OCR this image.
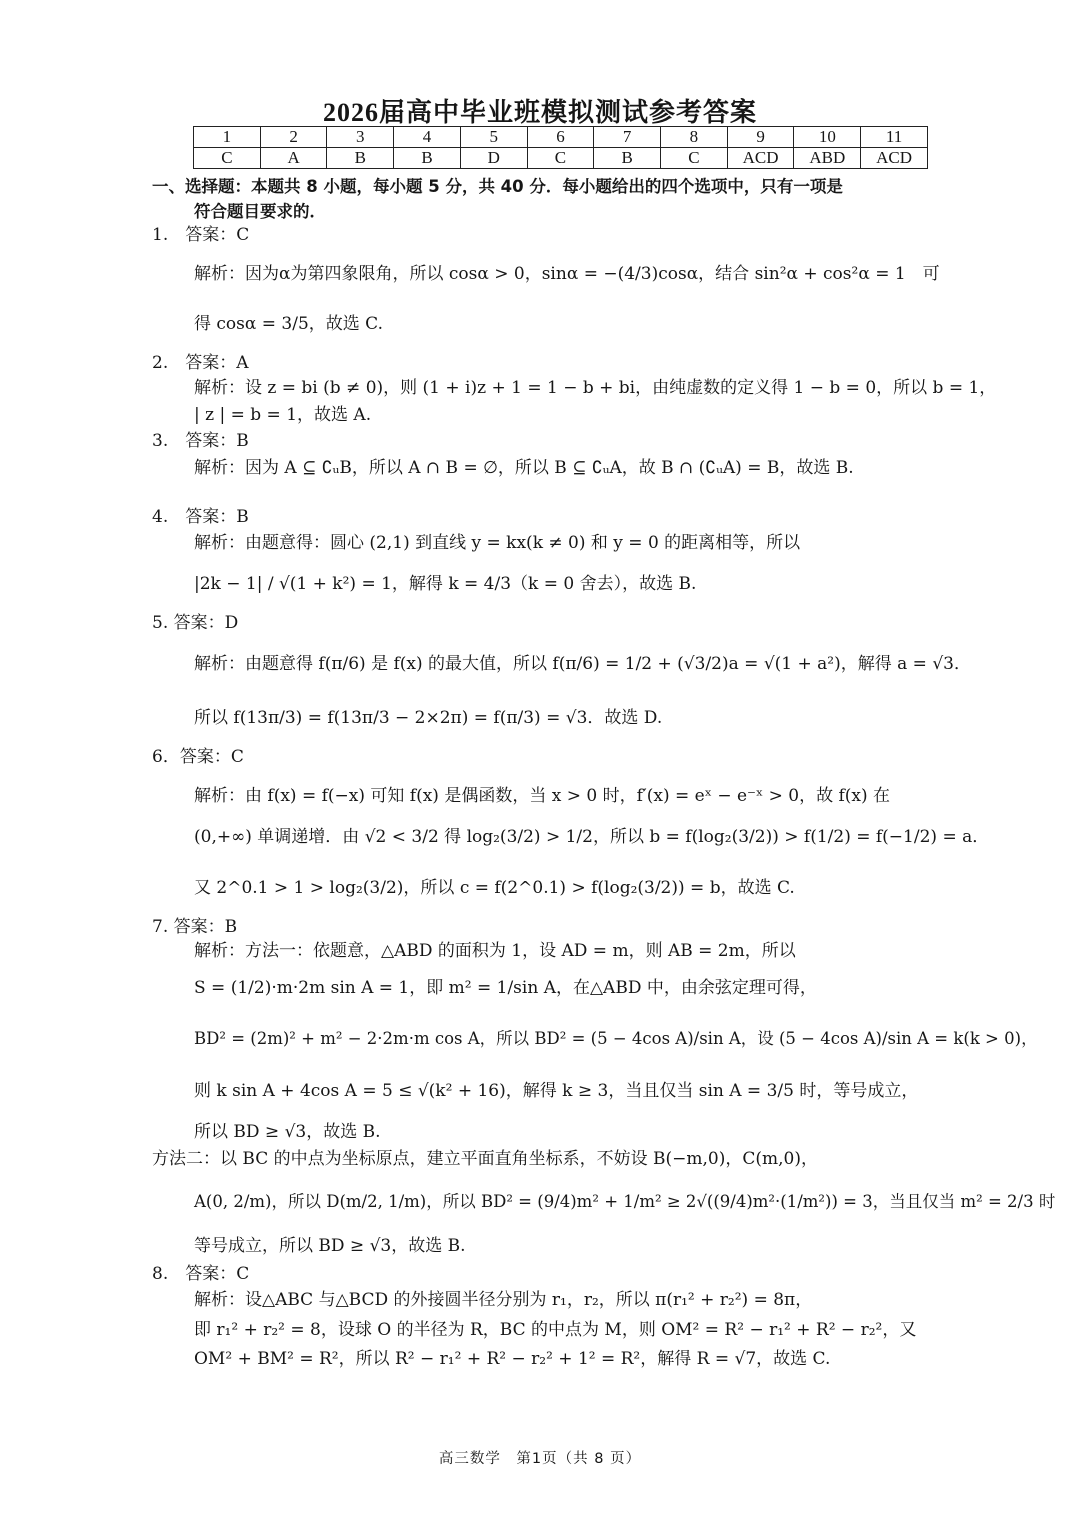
2026届高中毕业班模拟测试参考答案
1	2	3	4	5	6	7	8	9	10	11
C	A	B	B	D	C	B	C	ACD	ABD	ACD
一、选择题：本题共 8 小题，每小题 5 分，共 40 分．每小题给出的四个选项中，只有一项是
符合题目要求的．
1.　答案：C
解析：因为α为第四象限角，所以 cosα > 0，sinα = −(4/3)cosα，结合 sin²α + cos²α = 1　可
得 cosα = 3/5，故选 C.
2.　答案：A
解析：设 z = bi (b ≠ 0)，则 (1 + i)z + 1 = 1 − b + bi，由纯虚数的定义得 1 − b = 0，所以 b = 1，
| z | = b = 1，故选 A.
3.　答案：B
解析：因为 A ⊆ ∁ᵤB，所以 A ∩ B = ∅，所以 B ⊆ ∁ᵤA，故 B ∩ (∁ᵤA) = B，故选 B.
4.　答案：B
解析：由题意得：圆心 (2,1) 到直线 y = kx(k ≠ 0) 和 y = 0 的距离相等，所以
|2k − 1| / √(1 + k²) = 1，解得 k = 4/3（k = 0 舍去），故选 B.
5. 答案：D
解析：由题意得 f(π/6) 是 f(x) 的最大值，所以 f(π/6) = 1/2 + (√3/2)a = √(1 + a²)，解得 a = √3．
所以 f(13π/3) = f(13π/3 − 2×2π) = f(π/3) = √3．故选 D.
6．答案：C
解析：由 f(x) = f(−x) 可知 f(x) 是偶函数，当 x > 0 时，f′(x) = eˣ − e⁻ˣ > 0，故 f(x) 在
(0,+∞) 单调递增．由 √2 < 3/2 得 log₂(3/2) > 1/2，所以 b = f(log₂(3/2)) > f(1/2) = f(−1/2) = a．
又 2^0.1 > 1 > log₂(3/2)，所以 c = f(2^0.1) > f(log₂(3/2)) = b，故选 C.
7. 答案：B
解析：方法一：依题意，△ABD 的面积为 1，设 AD = m，则 AB = 2m，所以
S = (1/2)·m·2m sin A = 1，即 m² = 1/sin A，在△ABD 中，由余弦定理可得，
BD² = (2m)² + m² − 2·2m·m cos A，所以 BD² = (5 − 4cos A)/sin A，设 (5 − 4cos A)/sin A = k(k > 0)，
则 k sin A + 4cos A = 5 ≤ √(k² + 16)，解得 k ≥ 3，当且仅当 sin A = 3/5 时，等号成立，
所以 BD ≥ √3，故选 B.
方法二：以 BC 的中点为坐标原点，建立平面直角坐标系，不妨设 B(−m,0)，C(m,0)，
A(0, 2/m)，所以 D(m/2, 1/m)，所以 BD² = (9/4)m² + 1/m² ≥ 2√((9/4)m²·(1/m²)) = 3，当且仅当 m² = 2/3 时
等号成立，所以 BD ≥ √3，故选 B.
8.　答案：C
解析：设△ABC 与△BCD 的外接圆半径分别为 r₁，r₂，所以 π(r₁² + r₂²) = 8π，
即 r₁² + r₂² = 8，设球 O 的半径为 R，BC 的中点为 M，则 OM² = R² − r₁² + R² − r₂²，又
OM² + BM² = R²，所以 R² − r₁² + R² − r₂² + 1² = R²，解得 R = √7，故选 C.
高三数学　第1页（共 8 页）
